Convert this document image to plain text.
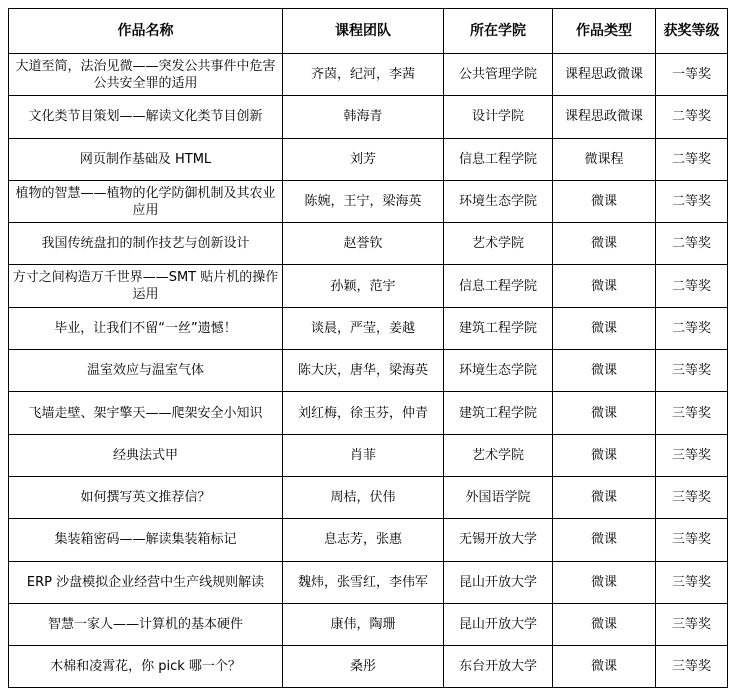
作品名称	课程团队	所在学院	作品类型	获奖等级
大道至简，法治见微——突发公共事件中危害公共安全罪的适用	齐茵，纪河，李茜	公共管理学院	课程思政微课	一等奖
文化类节目策划——解读文化类节目创新	韩海青	设计学院	课程思政微课	二等奖
网页制作基础及 HTML	刘芳	信息工程学院	微课程	二等奖
植物的智慧——植物的化学防御机制及其农业应用	陈婉，王宁，梁海英	环境生态学院	微课	二等奖
我国传统盘扣的制作技艺与创新设计	赵誉钦	艺术学院	微课	二等奖
方寸之间构造万千世界——SMT 贴片机的操作运用	孙颖，范宇	信息工程学院	微课	二等奖
毕业，让我们不留“一丝”遗憾！	谈晨，严莹，姜越	建筑工程学院	微课	二等奖
温室效应与温室气体	陈大庆，唐华，梁海英	环境生态学院	微课	三等奖
飞墙走壁、架宇擎天——爬架安全小知识	刘红梅，徐玉芬，仲青	建筑工程学院	微课	三等奖
经典法式甲	肖菲	艺术学院	微课	三等奖
如何撰写英文推荐信？	周桔，伏伟	外国语学院	微课	三等奖
集装箱密码——解读集装箱标记	息志芳，张惠	无锡开放大学	微课	三等奖
ERP 沙盘模拟企业经营中生产线规则解读	魏炜，张雪红，李伟军	昆山开放大学	微课	三等奖
智慧一家人——计算机的基本硬件	康伟，陶珊	昆山开放大学	微课	三等奖
木棉和凌霄花，你 pick 哪一个？	桑彤	东台开放大学	微课	三等奖
